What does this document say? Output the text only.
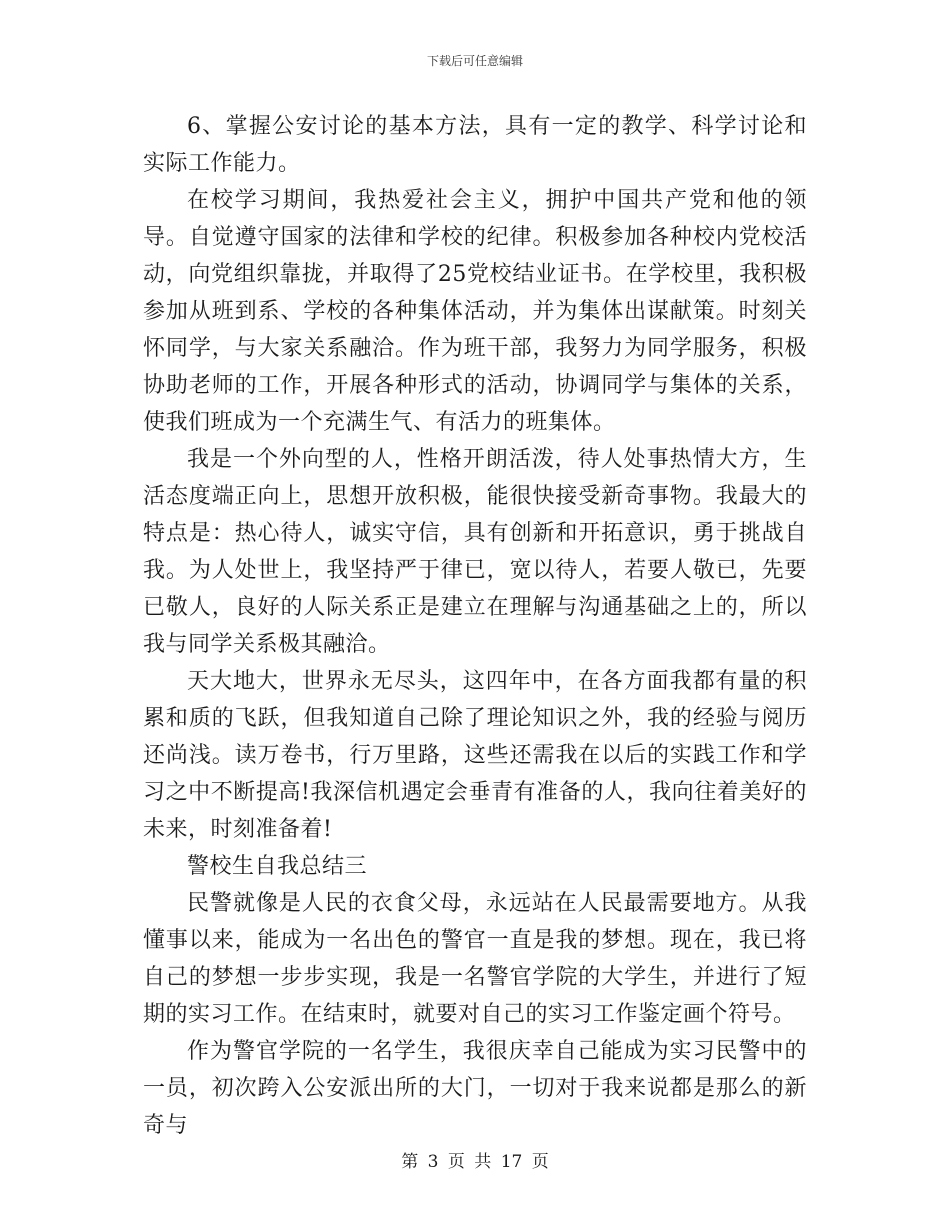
下载后可任意编辑

6、掌握公安讨论的基本方法，具有一定的教学、科学讨论和实际工作能力。

在校学习期间，我热爱社会主义，拥护中国共产党和他的领导。自觉遵守国家的法律和学校的纪律。积极参加各种校内党校活动，向党组织靠拢，并取得了25党校结业证书。在学校里，我积极参加从班到系、学校的各种集体活动，并为集体出谋献策。时刻关怀同学，与大家关系融洽。作为班干部，我努力为同学服务，积极协助老师的工作，开展各种形式的活动，协调同学与集体的关系，使我们班成为一个充满生气、有活力的班集体。

我是一个外向型的人，性格开朗活泼，待人处事热情大方，生活态度端正向上，思想开放积极，能很快接受新奇事物。我最大的特点是：热心待人，诚实守信，具有创新和开拓意识，勇于挑战自我。为人处世上，我坚持严于律已，宽以待人，若要人敬已，先要已敬人，良好的人际关系正是建立在理解与沟通基础之上的，所以我与同学关系极其融洽。

天大地大，世界永无尽头，这四年中，在各方面我都有量的积累和质的飞跃，但我知道自己除了理论知识之外，我的经验与阅历还尚浅。读万卷书，行万里路，这些还需我在以后的实践工作和学习之中不断提高!我深信机遇定会垂青有准备的人，我向往着美好的未来，时刻准备着!

警校生自我总结三

民警就像是人民的衣食父母，永远站在人民最需要地方。从我懂事以来，能成为一名出色的警官一直是我的梦想。现在，我已将自己的梦想一步步实现，我是一名警官学院的大学生，并进行了短期的实习工作。在结束时，就要对自己的实习工作鉴定画个符号。

作为警官学院的一名学生，我很庆幸自己能成为实习民警中的一员，初次跨入公安派出所的大门，一切对于我来说都是那么的新奇与

第 3 页 共 17 页
